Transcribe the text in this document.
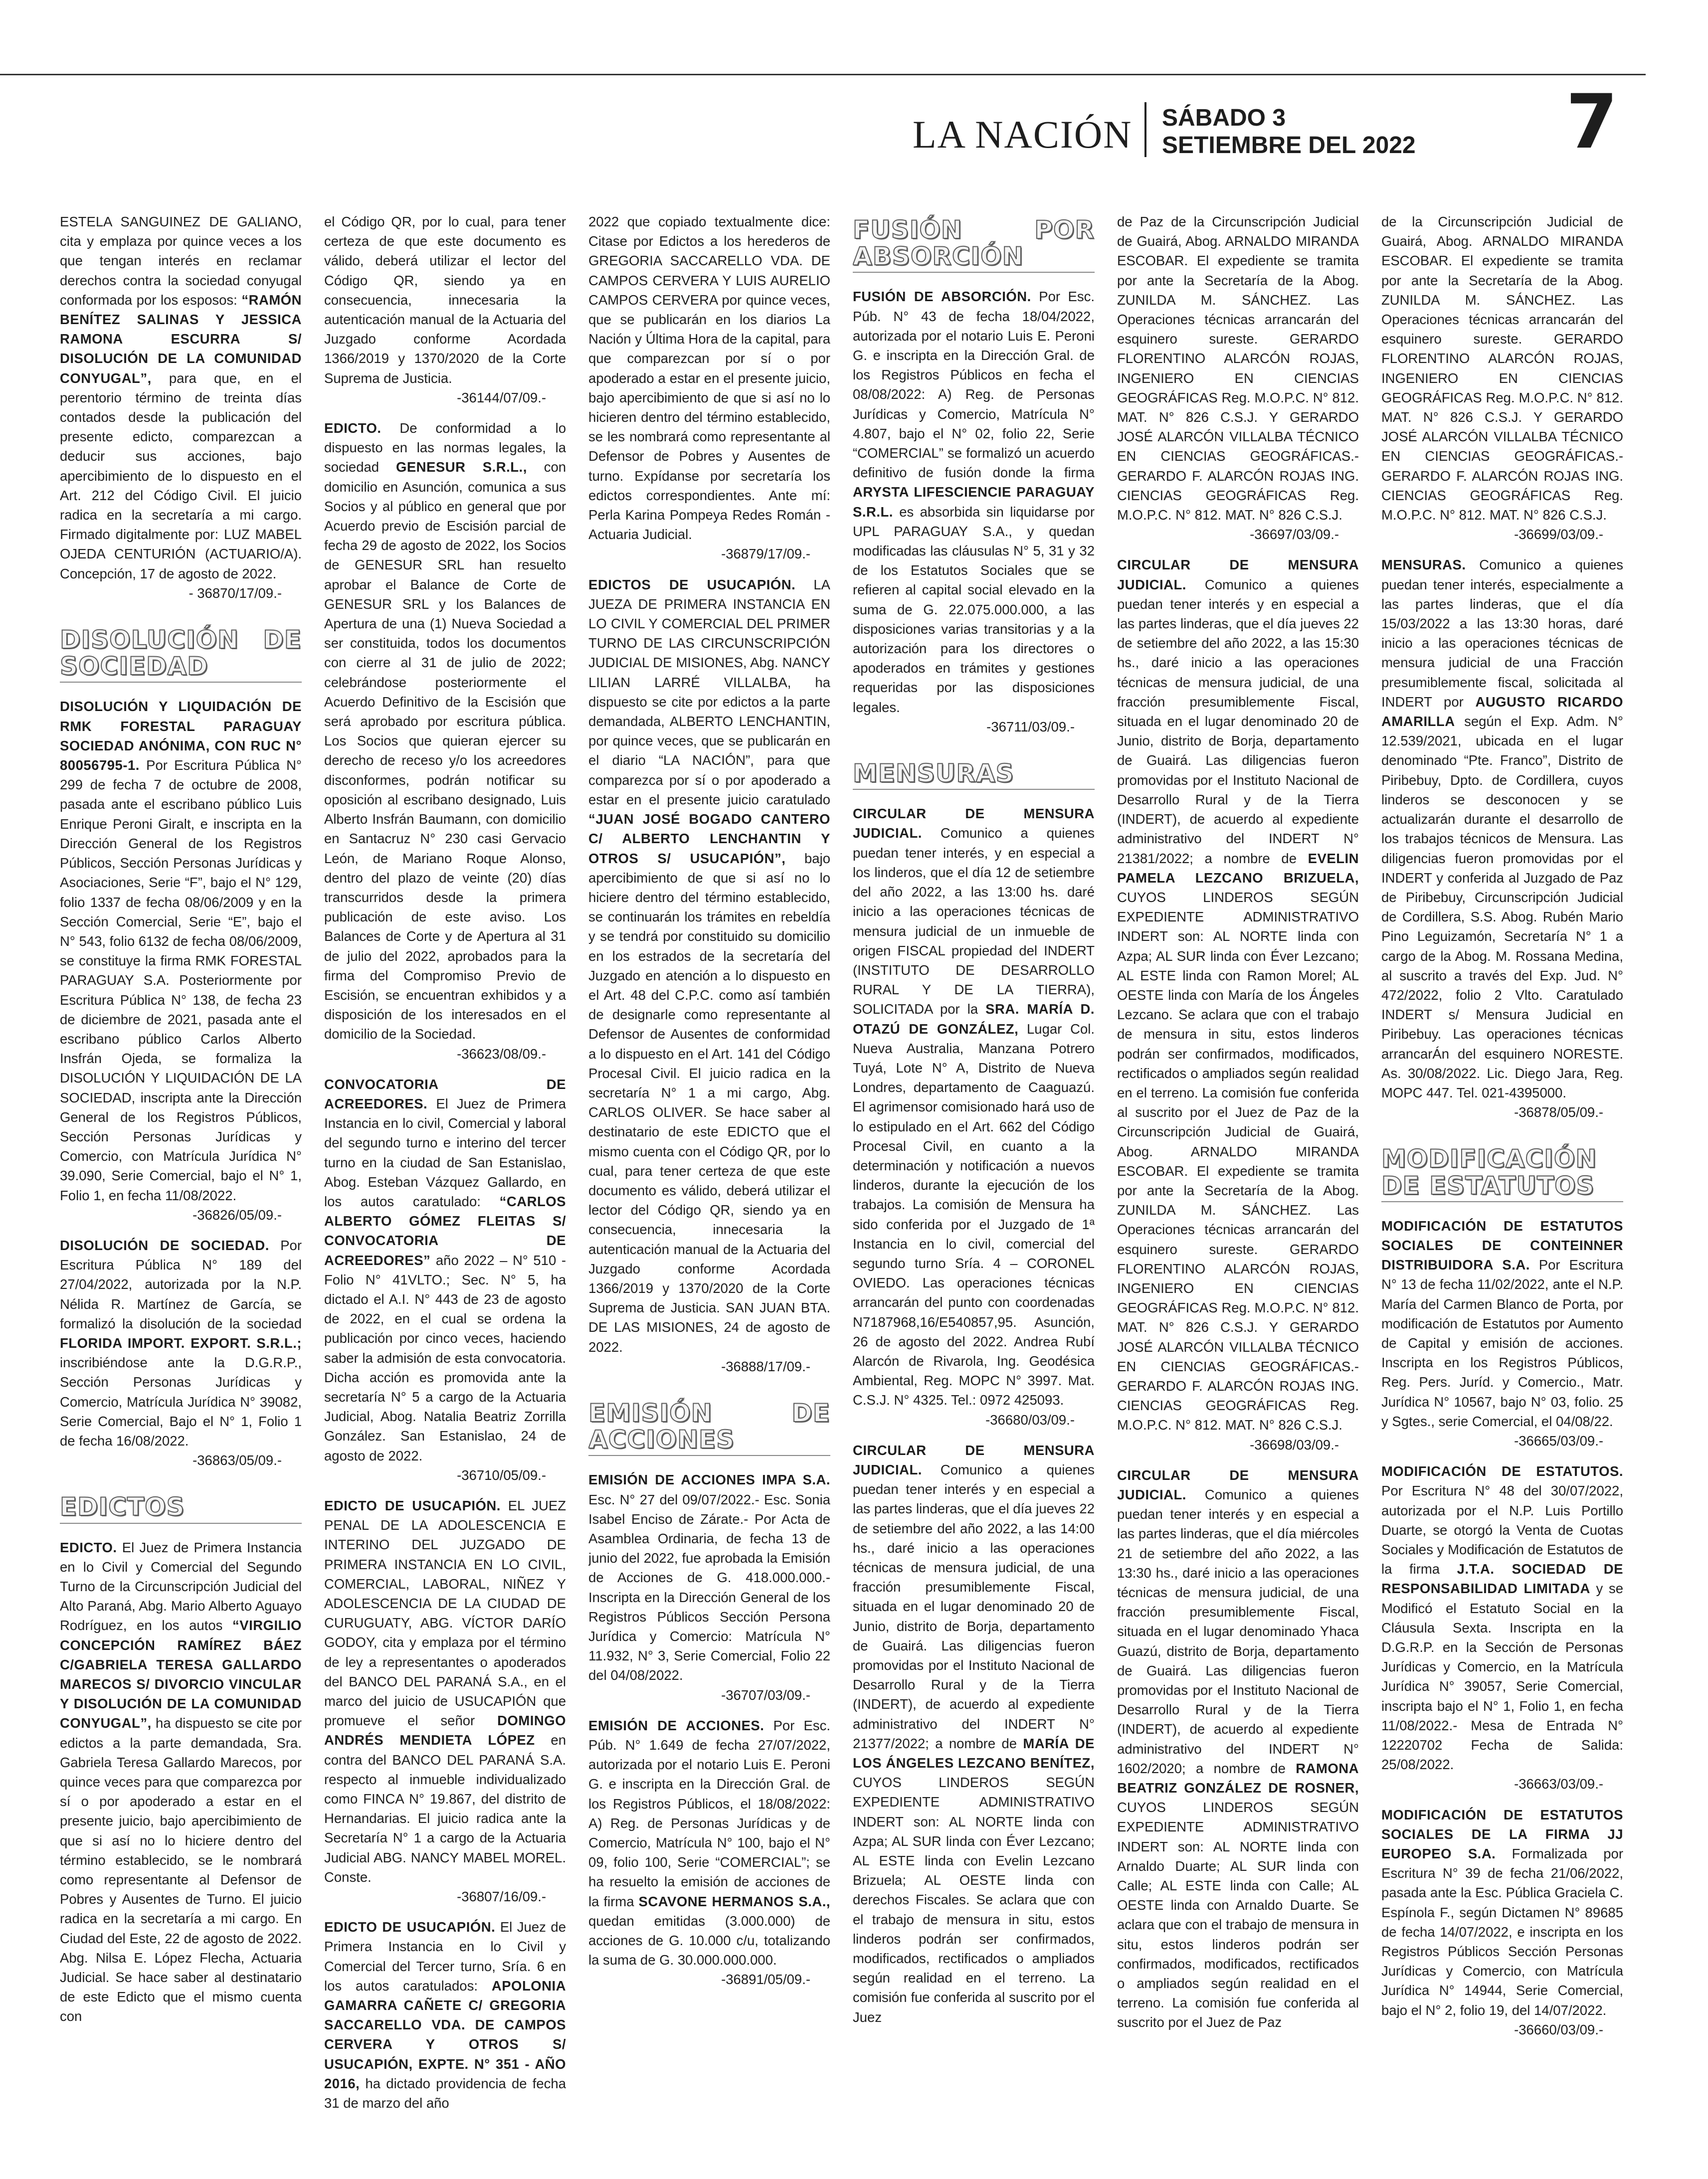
LA NACIÓN SÁBADO 3
SETIEMBRE DEL 2022 7

ESTELA SANGUINEZ DE GALIANO, cita y emplaza por quince veces a los que tengan interés en reclamar derechos contra la sociedad conyugal conformada por los esposos: “RAMÓN BENÍTEZ SALINAS Y JESSICA RAMONA ESCURRA S/ DISOLUCIÓN DE LA COMUNIDAD CONYUGAL”, para que, en el perentorio término de treinta días contados desde la publicación del presente edicto, comparezcan a deducir sus acciones, bajo apercibimiento de lo dispuesto en el Art. 212 del Código Civil. El juicio radica en la secretaría a mi cargo. Firmado digitalmente por: LUZ MABEL OJEDA CENTURIÓN (ACTUARIO/A). Concepción, 17 de agosto de 2022.
- 36870/17/09.-

DISOLUCIÓN DE SOCIEDAD

DISOLUCIÓN Y LIQUIDACIÓN DE RMK FORESTAL PARAGUAY SOCIEDAD ANÓNIMA, CON RUC N° 80056795-1. Por Escritura Pública N° 299 de fecha 7 de octubre de 2008, pasada ante el escribano público Luis Enrique Peroni Giralt, e inscripta en la Dirección General de los Registros Públicos, Sección Personas Jurídicas y Asociaciones, Serie “F”, bajo el N° 129, folio 1337 de fecha 08/06/2009 y en la Sección Comercial, Serie “E”, bajo el N° 543, folio 6132 de fecha 08/06/2009, se constituye la firma RMK FORESTAL PARAGUAY S.A. Posteriormente por Escritura Pública N° 138, de fecha 23 de diciembre de 2021, pasada ante el escribano público Carlos Alberto Insfrán Ojeda, se formaliza la DISOLUCIÓN Y LIQUIDACIÓN DE LA SOCIEDAD, inscripta ante la Dirección General de los Registros Públicos, Sección Personas Jurídicas y Comercio, con Matrícula Jurídica N° 39.090, Serie Comercial, bajo el N° 1, Folio 1, en fecha 11/08/2022.
-36826/05/09.-

DISOLUCIÓN DE SOCIEDAD. Por Escritura Pública N° 189 del 27/04/2022, autorizada por la N.P. Nélida R. Martínez de García, se formalizó la disolución de la sociedad FLORIDA IMPORT. EXPORT. S.R.L.; inscribiéndose ante la D.G.R.P., Sección Personas Jurídicas y Comercio, Matrícula Jurídica N° 39082, Serie Comercial, Bajo el N° 1, Folio 1 de fecha 16/08/2022.
-36863/05/09.-

EDICTOS

EDICTO. El Juez de Primera Instancia en lo Civil y Comercial del Segundo Turno de la Circunscripción Judicial del Alto Paraná, Abg. Mario Alberto Aguayo Rodríguez, en los autos “VIRGILIO CONCEPCIÓN RAMÍREZ BÁEZ C/GABRIELA TERESA GALLARDO MARECOS S/ DIVORCIO VINCULAR Y DISOLUCIÓN DE LA COMUNIDAD CONYUGAL”, ha dispuesto se cite por edictos a la parte demandada, Sra. Gabriela Teresa Gallardo Marecos, por quince veces para que comparezca por sí o por apoderado a estar en el presente juicio, bajo apercibimiento de que si así no lo hiciere dentro del término establecido, se le nombrará como representante al Defensor de Pobres y Ausentes de Turno. El juicio radica en la secretaría a mi cargo. En Ciudad del Este, 22 de agosto de 2022. Abg. Nilsa E. López Flecha, Actuaria Judicial. Se hace saber al destinatario de este Edicto que el mismo cuenta con

el Código QR, por lo cual, para tener certeza de que este documento es válido, deberá utilizar el lector del Código QR, siendo ya en consecuencia, innecesaria la autenticación manual de la Actuaria del Juzgado conforme Acordada 1366/2019 y 1370/2020 de la Corte Suprema de Justicia.
-36144/07/09.-

EDICTO. De conformidad a lo dispuesto en las normas legales, la sociedad GENESUR S.R.L., con domicilio en Asunción, comunica a sus Socios y al público en general que por Acuerdo previo de Escisión parcial de fecha 29 de agosto de 2022, los Socios de GENESUR SRL han resuelto aprobar el Balance de Corte de GENESUR SRL y los Balances de Apertura de una (1) Nueva Sociedad a ser constituida, todos los documentos con cierre al 31 de julio de 2022; celebrándose posteriormente el Acuerdo Definitivo de la Escisión que será aprobado por escritura pública. Los Socios que quieran ejercer su derecho de receso y/o los acreedores disconformes, podrán notificar su oposición al escribano designado, Luis Alberto Insfrán Baumann, con domicilio en Santacruz N° 230 casi Gervacio León, de Mariano Roque Alonso, dentro del plazo de veinte (20) días transcurridos desde la primera publicación de este aviso. Los Balances de Corte y de Apertura al 31 de julio del 2022, aprobados para la firma del Compromiso Previo de Escisión, se encuentran exhibidos y a disposición de los interesados en el domicilio de la Sociedad.
-36623/08/09.-

CONVOCATORIA DE ACREEDORES. El Juez de Primera Instancia en lo civil, Comercial y laboral del segundo turno e interino del tercer turno en la ciudad de San Estanislao, Abog. Esteban Vázquez Gallardo, en los autos caratulado: “CARLOS ALBERTO GÓMEZ FLEITAS S/ CONVOCATORIA DE ACREEDORES” año 2022 – N° 510 - Folio N° 41VLTO.; Sec. N° 5, ha dictado el A.I. N° 443 de 23 de agosto de 2022, en el cual se ordena la publicación por cinco veces, haciendo saber la admisión de esta convocatoria. Dicha acción es promovida ante la secretaría N° 5 a cargo de la Actuaria Judicial, Abog. Natalia Beatriz Zorrilla González. San Estanislao, 24 de agosto de 2022.
-36710/05/09.-

EDICTO DE USUCAPIÓN. EL JUEZ PENAL DE LA ADOLESCENCIA E INTERINO DEL JUZGADO DE PRIMERA INSTANCIA EN LO CIVIL, COMERCIAL, LABORAL, NIÑEZ Y ADOLESCENCIA DE LA CIUDAD DE CURUGUATY, ABG. VÍCTOR DARÍO GODOY, cita y emplaza por el término de ley a representantes o apoderados del BANCO DEL PARANÁ S.A., en el marco del juicio de USUCAPIÓN que promueve el señor DOMINGO ANDRÉS MENDIETA LÓPEZ en contra del BANCO DEL PARANÁ S.A. respecto al inmueble individualizado como FINCA N° 19.867, del distrito de Hernandarias. El juicio radica ante la Secretaría N° 1 a cargo de la Actuaria Judicial ABG. NANCY MABEL MOREL. Conste.
-36807/16/09.-

EDICTO DE USUCAPIÓN. El Juez de Primera Instancia en lo Civil y Comercial del Tercer turno, Sría. 6 en los autos caratulados: APOLONIA GAMARRA CAÑETE C/ GREGORIA SACCARELLO VDA. DE CAMPOS CERVERA Y OTROS S/ USUCAPIÓN, EXPTE. N° 351 - AÑO 2016, ha dictado providencia de fecha 31 de marzo del año

2022 que copiado textualmente dice: Citase por Edictos a los herederos de GREGORIA SACCARELLO VDA. DE CAMPOS CERVERA Y LUIS AURELIO CAMPOS CERVERA por quince veces, que se publicarán en los diarios La Nación y Última Hora de la capital, para que comparezcan por sí o por apoderado a estar en el presente juicio, bajo apercibimiento de que si así no lo hicieren dentro del término establecido, se les nombrará como representante al Defensor de Pobres y Ausentes de turno. Expídanse por secretaría los edictos correspondientes. Ante mí: Perla Karina Pompeya Redes Román - Actuaria Judicial.
-36879/17/09.-

EDICTOS DE USUCAPIÓN. LA JUEZA DE PRIMERA INSTANCIA EN LO CIVIL Y COMERCIAL DEL PRIMER TURNO DE LAS CIRCUNSCRIPCIÓN JUDICIAL DE MISIONES, Abg. NANCY LILIAN LARRÉ VILLALBA, ha dispuesto se cite por edictos a la parte demandada, ALBERTO LENCHANTIN, por quince veces, que se publicarán en el diario “LA NACIÓN”, para que comparezca por sí o por apoderado a estar en el presente juicio caratulado “JUAN JOSÉ BOGADO CANTERO C/ ALBERTO LENCHANTIN Y OTROS S/ USUCAPIÓN”, bajo apercibimiento de que si así no lo hiciere dentro del término establecido, se continuarán los trámites en rebeldía y se tendrá por constituido su domicilio en los estrados de la secretaría del Juzgado en atención a lo dispuesto en el Art. 48 del C.P.C. como así también de designarle como representante al Defensor de Ausentes de conformidad a lo dispuesto en el Art. 141 del Código Procesal Civil. El juicio radica en la secretaría N° 1 a mi cargo, Abg. CARLOS OLIVER. Se hace saber al destinatario de este EDICTO que el mismo cuenta con el Código QR, por lo cual, para tener certeza de que este documento es válido, deberá utilizar el lector del Código QR, siendo ya en consecuencia, innecesaria la autenticación manual de la Actuaria del Juzgado conforme Acordada 1366/2019 y 1370/2020 de la Corte Suprema de Justicia. SAN JUAN BTA. DE LAS MISIONES, 24 de agosto de 2022.
-36888/17/09.-

EMISIÓN DE ACCIONES

EMISIÓN DE ACCIONES IMPA S.A. Esc. N° 27 del 09/07/2022.- Esc. Sonia Isabel Enciso de Zárate.- Por Acta de Asamblea Ordinaria, de fecha 13 de junio del 2022, fue aprobada la Emisión de Acciones de G. 418.000.000.- Inscripta en la Dirección General de los Registros Públicos Sección Persona Jurídica y Comercio: Matrícula N° 11.932, N° 3, Serie Comercial, Folio 22 del 04/08/2022.
-36707/03/09.-

EMISIÓN DE ACCIONES. Por Esc. Púb. N° 1.649 de fecha 27/07/2022, autorizada por el notario Luis E. Peroni G. e inscripta en la Dirección Gral. de los Registros Públicos, el 18/08/2022: A) Reg. de Personas Jurídicas y de Comercio, Matrícula N° 100, bajo el N° 09, folio 100, Serie “COMERCIAL”; se ha resuelto la emisión de acciones de la firma SCAVONE HERMANOS S.A., quedan emitidas (3.000.000) de acciones de G. 10.000 c/u, totalizando la suma de G. 30.000.000.000.
-36891/05/09.-

FUSIÓN POR ABSORCIÓN

FUSIÓN DE ABSORCIÓN. Por Esc. Púb. N° 43 de fecha 18/04/2022, autorizada por el notario Luis E. Peroni G. e inscripta en la Dirección Gral. de los Registros Públicos en fecha el 08/08/2022: A) Reg. de Personas Jurídicas y Comercio, Matrícula N° 4.807, bajo el N° 02, folio 22, Serie “COMERCIAL” se formalizó un acuerdo definitivo de fusión donde la firma ARYSTA LIFESCIENCIE PARAGUAY S.R.L. es absorbida sin liquidarse por UPL PARAGUAY S.A., y quedan modificadas las cláusulas N° 5, 31 y 32 de los Estatutos Sociales que se refieren al capital social elevado en la suma de G. 22.075.000.000, a las disposiciones varias transitorias y a la autorización para los directores o apoderados en trámites y gestiones requeridas por las disposiciones legales.
-36711/03/09.-

MENSURAS

CIRCULAR DE MENSURA JUDICIAL. Comunico a quienes puedan tener interés, y en especial a los linderos, que el día 12 de setiembre del año 2022, a las 13:00 hs. daré inicio a las operaciones técnicas de mensura judicial de un inmueble de origen FISCAL propiedad del INDERT (INSTITUTO DE DESARROLLO RURAL Y DE LA TIERRA), SOLICITADA por la SRA. MARÍA D. OTAZÚ DE GONZÁLEZ, Lugar Col. Nueva Australia, Manzana Potrero Tuyá, Lote N° A, Distrito de Nueva Londres, departamento de Caaguazú. El agrimensor comisionado hará uso de lo estipulado en el Art. 662 del Código Procesal Civil, en cuanto a la determinación y notificación a nuevos linderos, durante la ejecución de los trabajos. La comisión de Mensura ha sido conferida por el Juzgado de 1ª Instancia en lo civil, comercial del segundo turno Sría. 4 – CORONEL OVIEDO. Las operaciones técnicas arrancarán del punto con coordenadas N7187968,16/E540857,95. Asunción, 26 de agosto del 2022. Andrea Rubí Alarcón de Rivarola, Ing. Geodésica Ambiental, Reg. MOPC N° 3997. Mat. C.S.J. N° 4325. Tel.: 0972 425093.
-36680/03/09.-

CIRCULAR DE MENSURA JUDICIAL. Comunico a quienes puedan tener interés y en especial a las partes linderas, que el día jueves 22 de setiembre del año 2022, a las 14:00 hs., daré inicio a las operaciones técnicas de mensura judicial, de una fracción presumiblemente Fiscal, situada en el lugar denominado 20 de Junio, distrito de Borja, departamento de Guairá. Las diligencias fueron promovidas por el Instituto Nacional de Desarrollo Rural y de la Tierra (INDERT), de acuerdo al expediente administrativo del INDERT N° 21377/2022; a nombre de MARÍA DE LOS ÁNGELES LEZCANO BENÍTEZ, CUYOS LINDEROS SEGÚN EXPEDIENTE ADMINISTRATIVO INDERT son: AL NORTE linda con Azpa; AL SUR linda con Éver Lezcano; AL ESTE linda con Evelin Lezcano Brizuela; AL OESTE linda con derechos Fiscales. Se aclara que con el trabajo de mensura in situ, estos linderos podrán ser confirmados, modificados, rectificados o ampliados según realidad en el terreno. La comisión fue conferida al suscrito por el Juez

de Paz de la Circunscripción Judicial de Guairá, Abog. ARNALDO MIRANDA ESCOBAR. El expediente se tramita por ante la Secretaría de la Abog. ZUNILDA M. SÁNCHEZ. Las Operaciones técnicas arrancarán del esquinero sureste. GERARDO FLORENTINO ALARCÓN ROJAS, INGENIERO EN CIENCIAS GEOGRÁFICAS Reg. M.O.P.C. N° 812. MAT. N° 826 C.S.J. Y GERARDO JOSÉ ALARCÓN VILLALBA TÉCNICO EN CIENCIAS GEOGRÁFICAS.- GERARDO F. ALARCÓN ROJAS ING. CIENCIAS GEOGRÁFICAS Reg. M.O.P.C. N° 812. MAT. N° 826 C.S.J.
-36697/03/09.-

CIRCULAR DE MENSURA JUDICIAL. Comunico a quienes puedan tener interés y en especial a las partes linderas, que el día jueves 22 de setiembre del año 2022, a las 15:30 hs., daré inicio a las operaciones técnicas de mensura judicial, de una fracción presumiblemente Fiscal, situada en el lugar denominado 20 de Junio, distrito de Borja, departamento de Guairá. Las diligencias fueron promovidas por el Instituto Nacional de Desarrollo Rural y de la Tierra (INDERT), de acuerdo al expediente administrativo del INDERT N° 21381/2022; a nombre de EVELIN PAMELA LEZCANO BRIZUELA, CUYOS LINDEROS SEGÚN EXPEDIENTE ADMINISTRATIVO INDERT son: AL NORTE linda con Azpa; AL SUR linda con Éver Lezcano; AL ESTE linda con Ramon Morel; AL OESTE linda con María de los Ángeles Lezcano. Se aclara que con el trabajo de mensura in situ, estos linderos podrán ser confirmados, modificados, rectificados o ampliados según realidad en el terreno. La comisión fue conferida al suscrito por el Juez de Paz de la Circunscripción Judicial de Guairá, Abog. ARNALDO MIRANDA ESCOBAR. El expediente se tramita por ante la Secretaría de la Abog. ZUNILDA M. SÁNCHEZ. Las Operaciones técnicas arrancarán del esquinero sureste. GERARDO FLORENTINO ALARCÓN ROJAS, INGENIERO EN CIENCIAS GEOGRÁFICAS Reg. M.O.P.C. N° 812. MAT. N° 826 C.S.J. Y GERARDO JOSÉ ALARCÓN VILLALBA TÉCNICO EN CIENCIAS GEOGRÁFICAS.- GERARDO F. ALARCÓN ROJAS ING. CIENCIAS GEOGRÁFICAS Reg. M.O.P.C. N° 812. MAT. N° 826 C.S.J.
-36698/03/09.-

CIRCULAR DE MENSURA JUDICIAL. Comunico a quienes puedan tener interés y en especial a las partes linderas, que el día miércoles 21 de setiembre del año 2022, a las 13:30 hs., daré inicio a las operaciones técnicas de mensura judicial, de una fracción presumiblemente Fiscal, situada en el lugar denominado Yhaca Guazú, distrito de Borja, departamento de Guairá. Las diligencias fueron promovidas por el Instituto Nacional de Desarrollo Rural y de la Tierra (INDERT), de acuerdo al expediente administrativo del INDERT N° 1602/2020; a nombre de RAMONA BEATRIZ GONZÁLEZ DE ROSNER, CUYOS LINDEROS SEGÚN EXPEDIENTE ADMINISTRATIVO INDERT son: AL NORTE linda con Arnaldo Duarte; AL SUR linda con Calle; AL ESTE linda con Calle; AL OESTE linda con Arnaldo Duarte. Se aclara que con el trabajo de mensura in situ, estos linderos podrán ser confirmados, modificados, rectificados o ampliados según realidad en el terreno. La comisión fue conferida al suscrito por el Juez de Paz

de la Circunscripción Judicial de Guairá, Abog. ARNALDO MIRANDA ESCOBAR. El expediente se tramita por ante la Secretaría de la Abog. ZUNILDA M. SÁNCHEZ. Las Operaciones técnicas arrancarán del esquinero sureste. GERARDO FLORENTINO ALARCÓN ROJAS, INGENIERO EN CIENCIAS GEOGRÁFICAS Reg. M.O.P.C. N° 812. MAT. N° 826 C.S.J. Y GERARDO JOSÉ ALARCÓN VILLALBA TÉCNICO EN CIENCIAS GEOGRÁFICAS.- GERARDO F. ALARCÓN ROJAS ING. CIENCIAS GEOGRÁFICAS Reg. M.O.P.C. N° 812. MAT. N° 826 C.S.J.
-36699/03/09.-

MENSURAS. Comunico a quienes puedan tener interés, especialmente a las partes linderas, que el día 15/03/2022 a las 13:30 horas, daré inicio a las operaciones técnicas de mensura judicial de una Fracción presumiblemente fiscal, solicitada al INDERT por AUGUSTO RICARDO AMARILLA según el Exp. Adm. N° 12.539/2021, ubicada en el lugar denominado “Pte. Franco”, Distrito de Piribebuy, Dpto. de Cordillera, cuyos linderos se desconocen y se actualizarán durante el desarrollo de los trabajos técnicos de Mensura. Las diligencias fueron promovidas por el INDERT y conferida al Juzgado de Paz de Piribebuy, Circunscripción Judicial de Cordillera, S.S. Abog. Rubén Mario Pino Leguizamón, Secretaría N° 1 a cargo de la Abog. M. Rossana Medina, al suscrito a través del Exp. Jud. N° 472/2022, folio 2 Vlto. Caratulado INDERT s/ Mensura Judicial en Piribebuy. Las operaciones técnicas arrancarÁn del esquinero NORESTE. As. 30/08/2022. Lic. Diego Jara, Reg. MOPC 447. Tel. 021-4395000.
-36878/05/09.-

MODIFICACIÓN DE ESTATUTOS

MODIFICACIÓN DE ESTATUTOS SOCIALES DE CONTEINNER DISTRIBUIDORA S.A. Por Escritura N° 13 de fecha 11/02/2022, ante el N.P. María del Carmen Blanco de Porta, por modificación de Estatutos por Aumento de Capital y emisión de acciones. Inscripta en los Registros Públicos, Reg. Pers. Juríd. y Comercio., Matr. Jurídica N° 10567, bajo N° 03, folio. 25 y Sgtes., serie Comercial, el 04/08/22.
-36665/03/09.-

MODIFICACIÓN DE ESTATUTOS. Por Escritura N° 48 del 30/07/2022, autorizada por el N.P. Luis Portillo Duarte, se otorgó la Venta de Cuotas Sociales y Modificación de Estatutos de la firma J.T.A. SOCIEDAD DE RESPONSABILIDAD LIMITADA y se Modificó el Estatuto Social en la Cláusula Sexta. Inscripta en la D.G.R.P. en la Sección de Personas Jurídicas y Comercio, en la Matrícula Jurídica N° 39057, Serie Comercial, inscripta bajo el N° 1, Folio 1, en fecha 11/08/2022.- Mesa de Entrada N° 12220702 Fecha de Salida: 25/08/2022.
-36663/03/09.-

MODIFICACIÓN DE ESTATUTOS SOCIALES DE LA FIRMA JJ EUROPEO S.A. Formalizada por Escritura N° 39 de fecha 21/06/2022, pasada ante la Esc. Pública Graciela C. Espínola F., según Dictamen N° 89685 de fecha 14/07/2022, e inscripta en los Registros Públicos Sección Personas Jurídicas y Comercio, con Matrícula Jurídica N° 14944, Serie Comercial, bajo el N° 2, folio 19, del 14/07/2022.
-36660/03/09.-
